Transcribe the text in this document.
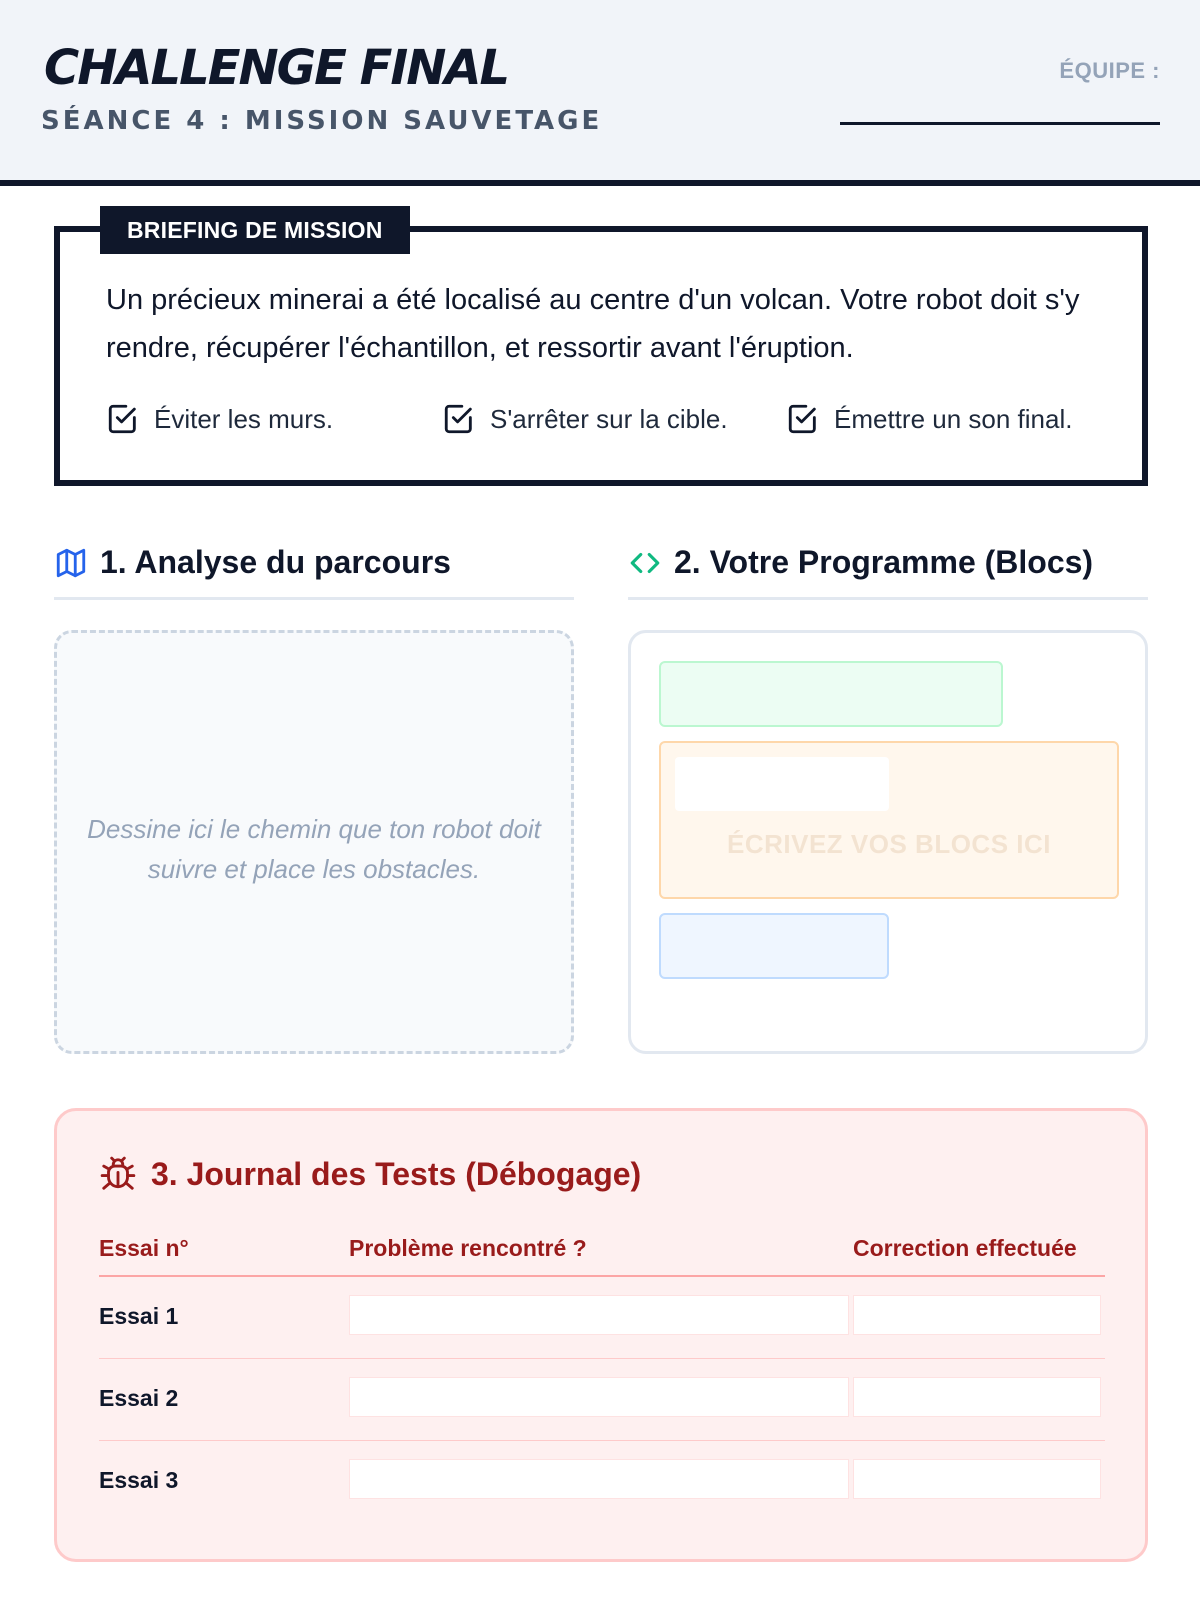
CHALLENGE FINAL
SÉANCE 4 : MISSION SAUVETAGE
ÉQUIPE :
Un précieux minerai a été localisé au centre d'un volcan. Votre robot doit s'y rendre, récupérer l'échantillon, et ressortir avant l'éruption.
Éviter les murs.	S'arrêter sur la cible.	Émettre un son final.
BRIEFING DE MISSION
1. Analyse du parcours
Dessine ici le chemin que ton robot doit suivre et place les obstacles.
2. Votre Programme (Blocs)
ÉCRIVEZ VOS BLOCS ICI
3. Journal des Tests (Débogage)
Essai n°	Problème rencontré ?	Correction effectuée
Essai 1
Essai 2
Essai 3
